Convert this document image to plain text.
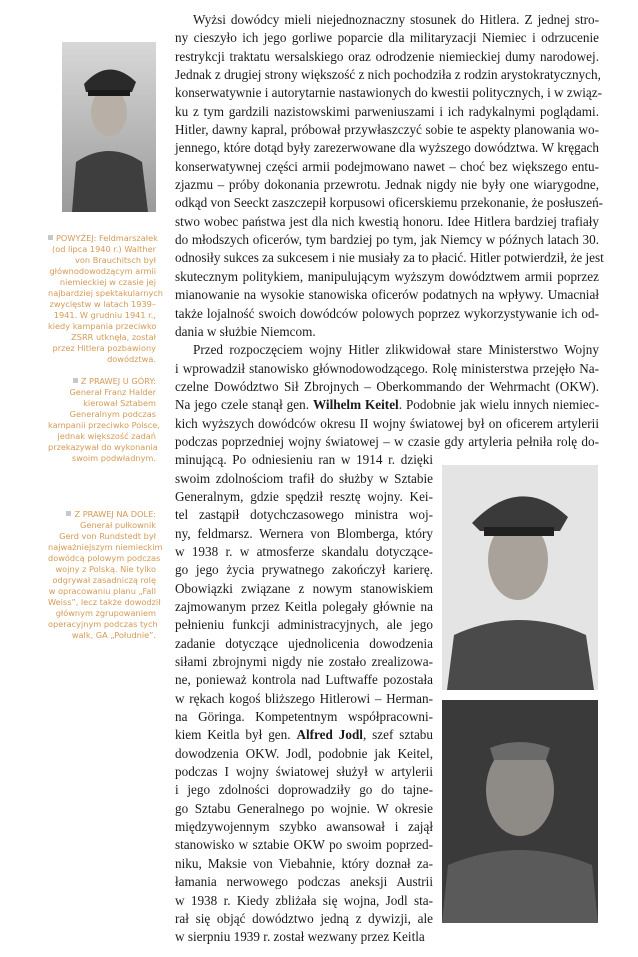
POWYŻEJ: Feldmarszałek
(od lipca 1940 r.) Walther
von Brauchitsch był
głównodowodzącym armii
niemieckiej w czasie jej
najbardziej spektakularnych
zwycięstw w latach 1939–
1941. W grudniu 1941 r.,
kiedy kampania przeciwko
ZSRR utknęła, został
przez Hitlera pozbawiony
dowództwa.
Z PRAWEJ U GÓRY:
Generał Franz Halder
kierował Sztabem
Generalnym podczas
kampanii przeciwko Polsce,
jednak większość zadań
przekazywał do wykonania
swoim podwładnym.
Z PRAWEJ NA DOLE:
Generał pułkownik
Gerd von Rundstedt był
najważniejszym niemieckim
dowódcą polowym podczas
wojny z Polską. Nie tylko
odgrywał zasadniczą rolę
w opracowaniu planu „Fall
Weiss”, lecz także dowodził
głównym zgrupowaniem
operacyjnym podczas tych
walk, GA „Południe”.
Wyżsi dowódcy mieli niejednoznaczny stosunek do Hitlera. Z jednej stro-
ny cieszyło ich jego gorliwe poparcie dla militaryzacji Niemiec i odrzucenie
restrykcji traktatu wersalskiego oraz odrodzenie niemieckiej dumy narodowej.
Jednak z drugiej strony większość z nich pochodziła z rodzin arystokratycznych,
konserwatywnie i autorytarnie nastawionych do kwestii politycznych, i w związ-
ku z tym gardzili nazistowskimi parweniuszami i ich radykalnymi poglądami.
Hitler, dawny kapral, próbował przywłaszczyć sobie te aspekty planowania wo-
jennego, które dotąd były zarezerwowane dla wyższego dowództwa. W kręgach
konserwatywnej części armii podejmowano nawet – choć bez większego entu-
zjazmu – próby dokonania przewrotu. Jednak nigdy nie były one wiarygodne,
odkąd von Seeckt zaszczepił korpusowi oficerskiemu przekonanie, że posłuszeń-
stwo wobec państwa jest dla nich kwestią honoru. Idee Hitlera bardziej trafiały
do młodszych oficerów, tym bardziej po tym, jak Niemcy w późnych latach 30.
odnosiły sukces za sukcesem i nie musiały za to płacić. Hitler potwierdził, że jest
skutecznym politykiem, manipulującym wyższym dowództwem armii poprzez
mianowanie na wysokie stanowiska oficerów podatnych na wpływy. Umacniał
także lojalność swoich dowódców polowych poprzez wykorzystywanie ich od-
dania w służbie Niemcom.
Przed rozpoczęciem wojny Hitler zlikwidował stare Ministerstwo Wojny
i wprowadził stanowisko głównodowodzącego. Rolę ministerstwa przejęło Na-
czelne Dowództwo Sił Zbrojnych – Oberkommando der Wehrmacht (OKW).
Na jego czele stanął gen. Wilhelm Keitel. Podobnie jak wielu innych niemiec-
kich wyższych dowódców okresu II wojny światowej był on oficerem artylerii
podczas poprzedniej wojny światowej – w czasie gdy artyleria pełniła rolę do-
minującą. Po odniesieniu ran w 1914 r. dzięki
swoim zdolnościom trafił do służby w Sztabie
Generalnym, gdzie spędził resztę wojny. Kei-
tel zastąpił dotychczasowego ministra woj-
ny, feldmarsz. Wernera von Blomberga, który
w 1938 r. w atmosferze skandalu dotyczące-
go jego życia prywatnego zakończył karierę.
Obowiązki związane z nowym stanowiskiem
zajmowanym przez Keitla polegały głównie na
pełnieniu funkcji administracyjnych, ale jego
zadanie dotyczące ujednolicenia dowodzenia
siłami zbrojnymi nigdy nie zostało zrealizowa-
ne, ponieważ kontrola nad Luftwaffe pozostała
w rękach kogoś bliższego Hitlerowi – Herman-
na Göringa. Kompetentnym współpracowni-
kiem Keitla był gen. Alfred Jodl, szef sztabu
dowodzenia OKW. Jodl, podobnie jak Keitel,
podczas I wojny światowej służył w artylerii
i jego zdolności doprowadziły go do tajne-
go Sztabu Generalnego po wojnie. W okresie
międzywojennym szybko awansował i zajął
stanowisko w sztabie OKW po swoim poprzed-
niku, Maksie von Viebahnie, który doznał za-
łamania nerwowego podczas aneksji Austrii
w 1938 r. Kiedy zbliżała się wojna, Jodl sta-
rał się objąć dowództwo jedną z dywizji, ale
w sierpniu 1939 r. został wezwany przez Keitla
